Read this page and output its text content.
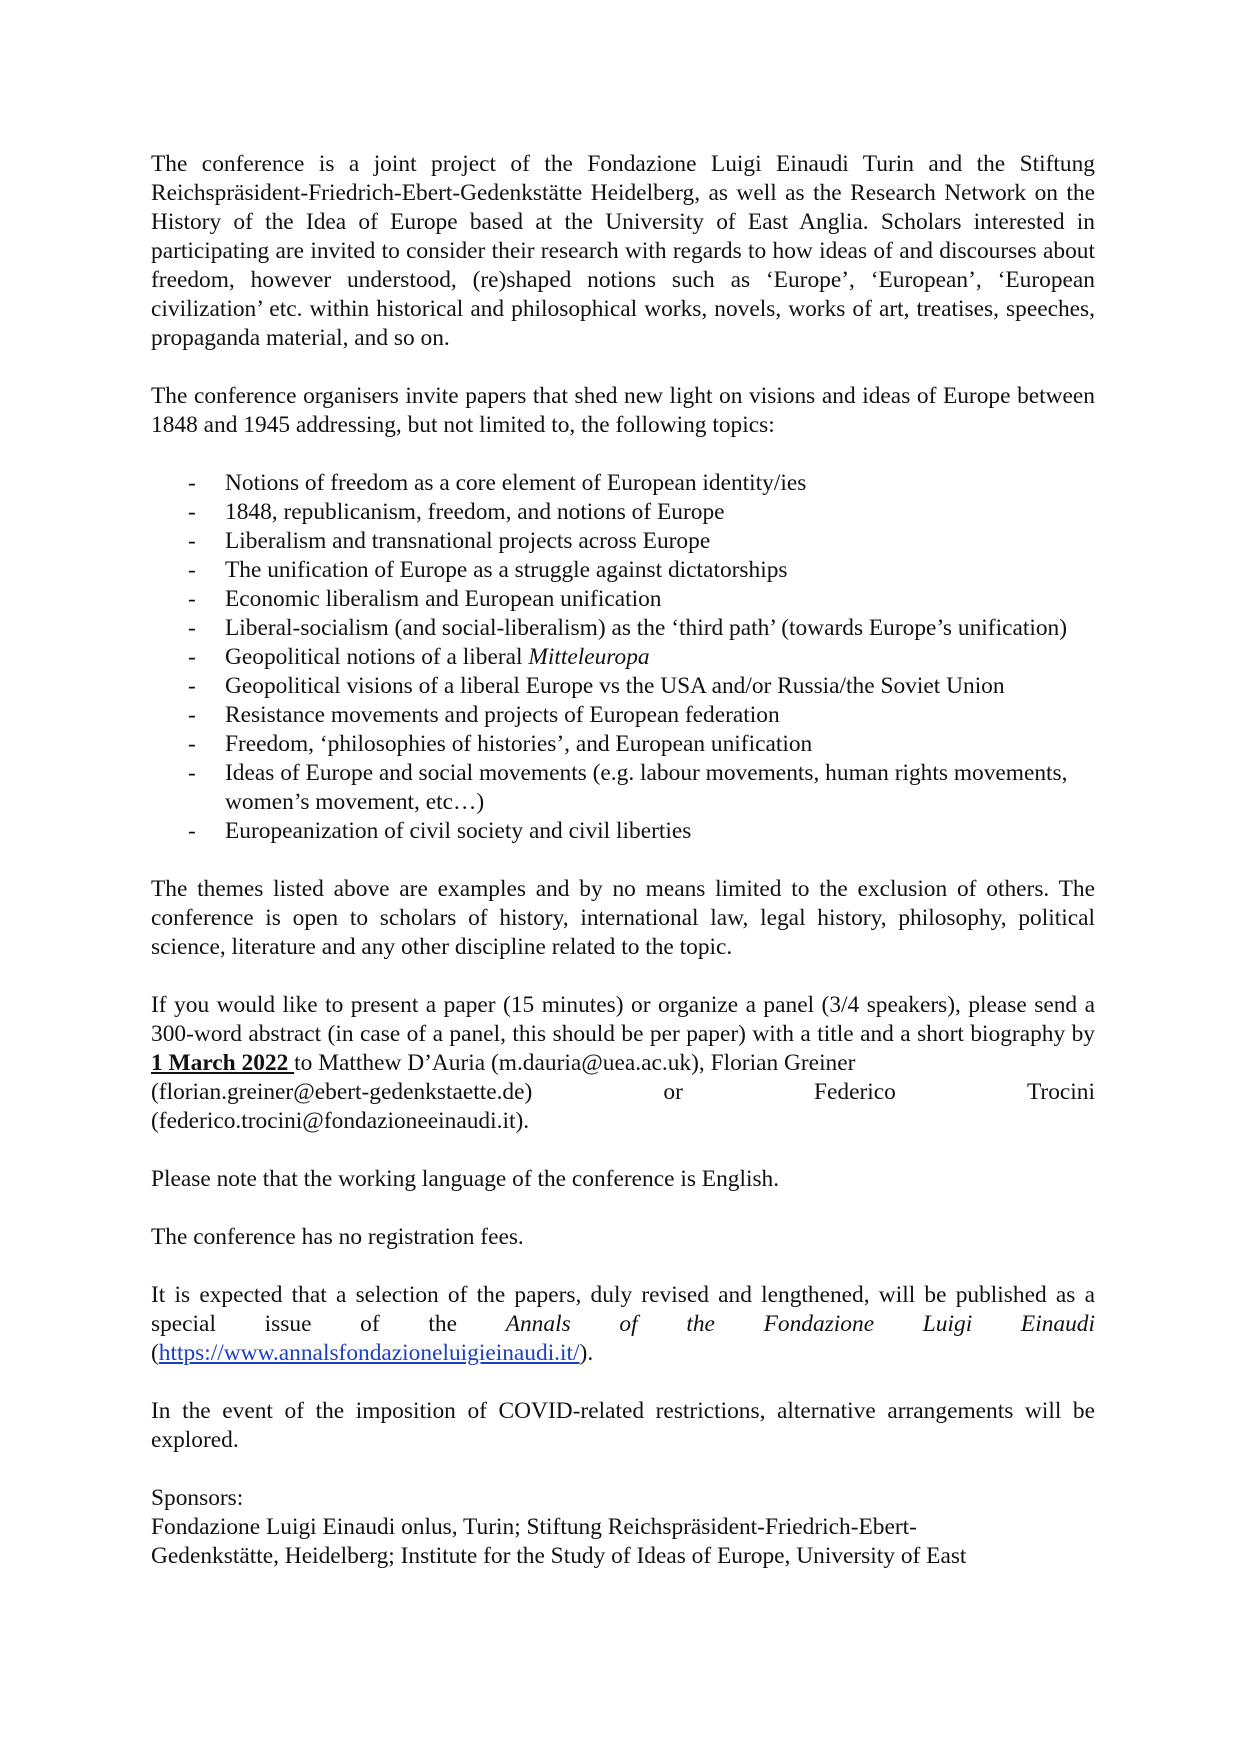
The conference is a joint project of the Fondazione Luigi Einaudi Turin and the Stiftung Reichspräsident-Friedrich-Ebert-Gedenkstätte Heidelberg, as well as the Research Network on the History of the Idea of Europe based at the University of East Anglia. Scholars interested in participating are invited to consider their research with regards to how ideas of and discourses about freedom, however understood, (re)shaped notions such as ‘Europe’, ‘European’, ‘European civilization’ etc. within historical and philosophical works, novels, works of art, treatises, speeches, propaganda material, and so on.

The conference organisers invite papers that shed new light on visions and ideas of Europe between 1848 and 1945 addressing, but not limited to, the following topics:

- Notions of freedom as a core element of European identity/ies
- 1848, republicanism, freedom, and notions of Europe
- Liberalism and transnational projects across Europe
- The unification of Europe as a struggle against dictatorships
- Economic liberalism and European unification
- Liberal-socialism (and social-liberalism) as the ‘third path’ (towards Europe’s unification)
- Geopolitical notions of a liberal Mitteleuropa
- Geopolitical visions of a liberal Europe vs the USA and/or Russia/the Soviet Union
- Resistance movements and projects of European federation
- Freedom, ‘philosophies of histories’, and European unification
- Ideas of Europe and social movements (e.g. labour movements, human rights movements, women’s movement, etc…)
- Europeanization of civil society and civil liberties

The themes listed above are examples and by no means limited to the exclusion of others. The conference is open to scholars of history, international law, legal history, philosophy, political science, literature and any other discipline related to the topic.

If you would like to present a paper (15 minutes) or organize a panel (3/4 speakers), please send a 300-word abstract (in case of a panel, this should be per paper) with a title and a short biography by 1 March 2022 to Matthew D’Auria (m.dauria@uea.ac.uk), Florian Greiner

(florian.greiner@ebert-gedenkstaette.de)	or	Federico	Trocini

(federico.trocini@fondazioneeinaudi.it).

Please note that the working language of the conference is English.

The conference has no registration fees.

It is expected that a selection of the papers, duly revised and lengthened, will be published as a special issue of the Annals of the Fondazione Luigi Einaudi (https://www.annalsfondazioneluigieinaudi.it/).

In the event of the imposition of COVID-related restrictions, alternative arrangements will be explored.

Sponsors:

Fondazione Luigi Einaudi onlus, Turin; Stiftung Reichspräsident-Friedrich-Ebert-

Gedenkstätte, Heidelberg; Institute for the Study of Ideas of Europe, University of East
